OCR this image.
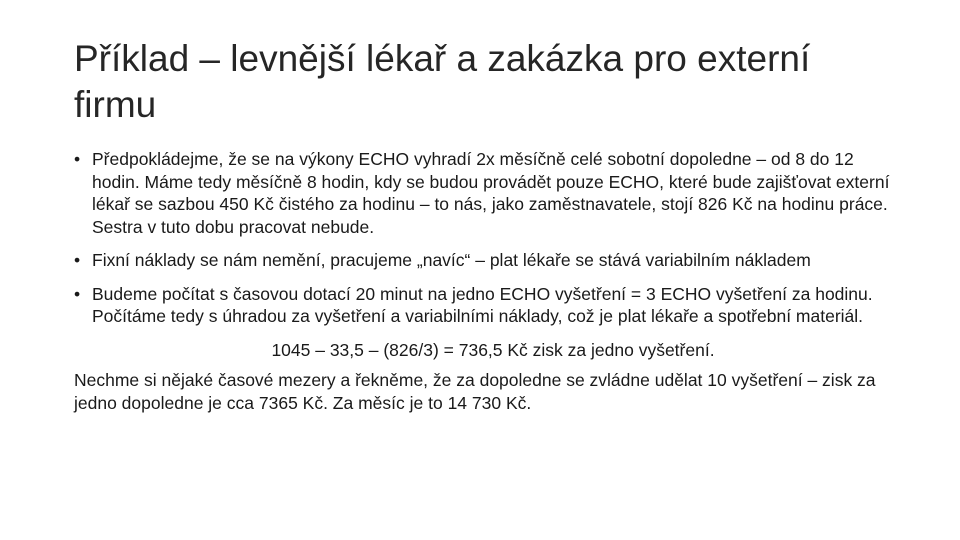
Příklad – levnější lékař a zakázka pro externí firmu

• Předpokládejme, že se na výkony ECHO vyhradí 2x měsíčně celé sobotní dopoledne – od 8 do 12 hodin. Máme tedy měsíčně 8 hodin, kdy se budou provádět pouze ECHO, které bude zajišťovat externí lékař se sazbou 450 Kč čistého za hodinu – to nás, jako zaměstnavatele, stojí 826 Kč na hodinu práce. Sestra v tuto dobu pracovat nebude.

• Fixní náklady se nám nemění, pracujeme „navíc“ – plat lékaře se stává variabilním nákladem

• Budeme počítat s časovou dotací 20 minut na jedno ECHO vyšetření = 3 ECHO vyšetření za hodinu. Počítáme tedy s úhradou za vyšetření a variabilními náklady, což je plat lékaře a spotřební materiál.

1045 – 33,5 – (826/3) = 736,5 Kč zisk za jedno vyšetření.

Nechme si nějaké časové mezery a řekněme, že za dopoledne se zvládne udělat 10 vyšetření – zisk za jedno dopoledne je cca 7365 Kč. Za měsíc je to 14 730 Kč.
